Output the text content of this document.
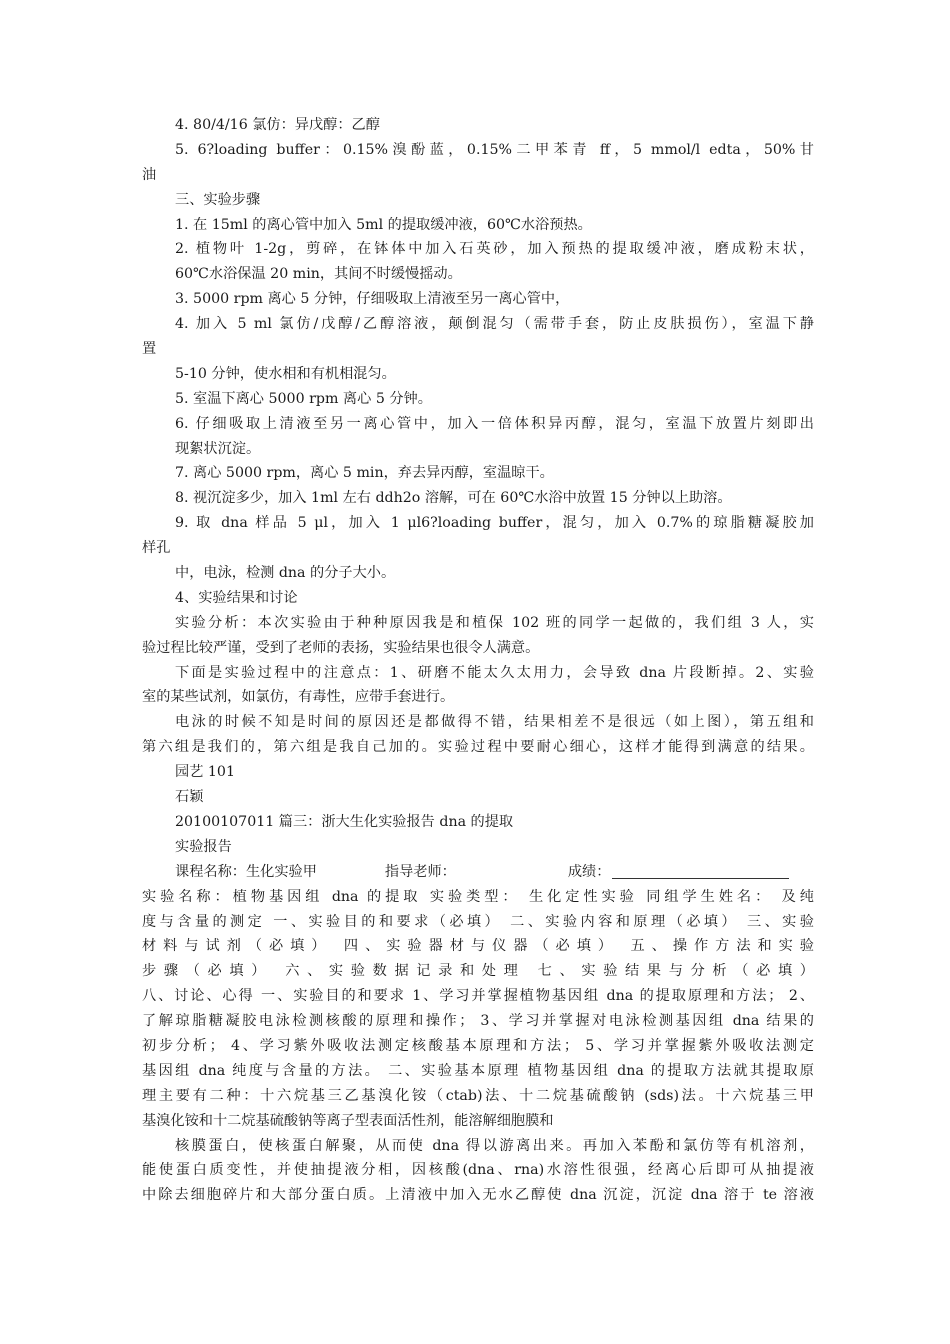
4. 80/4/16 氯仿：异戊醇：乙醇
5. 6?loading buffer：0.15%溴酚蓝，0.15%二甲苯青 ff，5 mmol/l edta，50%甘
油
三、实验步骤
1. 在 15ml 的离心管中加入 5ml 的提取缓冲液，60℃水浴预热。
2. 植物叶 1-2g，剪碎，在钵体中加入石英砂，加入预热的提取缓冲液，磨成粉末状，
60℃水浴保温 20 min，其间不时缓慢摇动。
3. 5000 rpm 离心 5 分钟，仔细吸取上清液至另一离心管中，
4. 加入 5 ml 氯仿/戊醇/乙醇溶液，颠倒混匀（需带手套，防止皮肤损伤），室温下静
置
5-10 分钟，使水相和有机相混匀。
5. 室温下离心 5000 rpm 离心 5 分钟。
6. 仔细吸取上清液至另一离心管中，加入一倍体积异丙醇，混匀，室温下放置片刻即出
现絮状沉淀。
7. 离心 5000 rpm，离心 5 min，弃去异丙醇，室温晾干。
8. 视沉淀多少，加入 1ml 左右 ddh2o 溶解，可在 60℃水浴中放置 15 分钟以上助溶。
9. 取 dna 样品 5 μl，加入 1 μl6?loading buffer，混匀，加入 0.7%的琼脂糖凝胶加
样孔
中，电泳，检测 dna 的分子大小。
4、实验结果和讨论
实验分析：本次实验由于种种原因我是和植保 102 班的同学一起做的，我们组 3 人，实
验过程比较严谨，受到了老师的表扬，实验结果也很令人满意。
下面是实验过程中的注意点：1、研磨不能太久太用力，会导致 dna 片段断掉。2、实验
室的某些试剂，如氯仿，有毒性，应带手套进行。
电泳的时候不知是时间的原因还是都做得不错，结果相差不是很远（如上图），第五组和
第六组是我们的，第六组是我自己加的。实验过程中要耐心细心，这样才能得到满意的结果。
园艺 101
石颖
20100107011 篇三：浙大生化实验报告 dna 的提取
实验报告
课程名称：生化实验甲	指导老师：	成绩：
实验名称：植物基因组 dna 的提取 实验类型： 生化定性实验 同组学生姓名： 及纯
度与含量的测定 一、实验目的和要求（必填） 二、实验内容和原理（必填） 三、实验
材料与试剂（必填） 四、实验器材与仪器（必填） 五、操作方法和实验
步骤（必填） 六、实验数据记录和处理 七、实验结果与分析（必填）
八、讨论、心得 一、实验目的和要求 1、学习并掌握植物基因组 dna 的提取原理和方法； 2、
了解琼脂糖凝胶电泳检测核酸的原理和操作； 3、学习并掌握对电泳检测基因组 dna 结果的
初步分析； 4、学习紫外吸收法测定核酸基本原理和方法； 5、学习并掌握紫外吸收法测定
基因组 dna 纯度与含量的方法。 二、实验基本原理 植物基因组 dna 的提取方法就其提取原
理主要有二种：十六烷基三乙基溴化铵（ctab)法、十二烷基硫酸钠 (sds)法。十六烷基三甲
基溴化铵和十二烷基硫酸钠等离子型表面活性剂，能溶解细胞膜和
核膜蛋白，使核蛋白解聚，从而使 dna 得以游离出来。再加入苯酚和氯仿等有机溶剂，
能使蛋白质变性，并使抽提液分相，因核酸(dna、rna)水溶性很强，经离心后即可从抽提液
中除去细胞碎片和大部分蛋白质。上清液中加入无水乙醇使 dna 沉淀，沉淀 dna 溶于 te 溶液
